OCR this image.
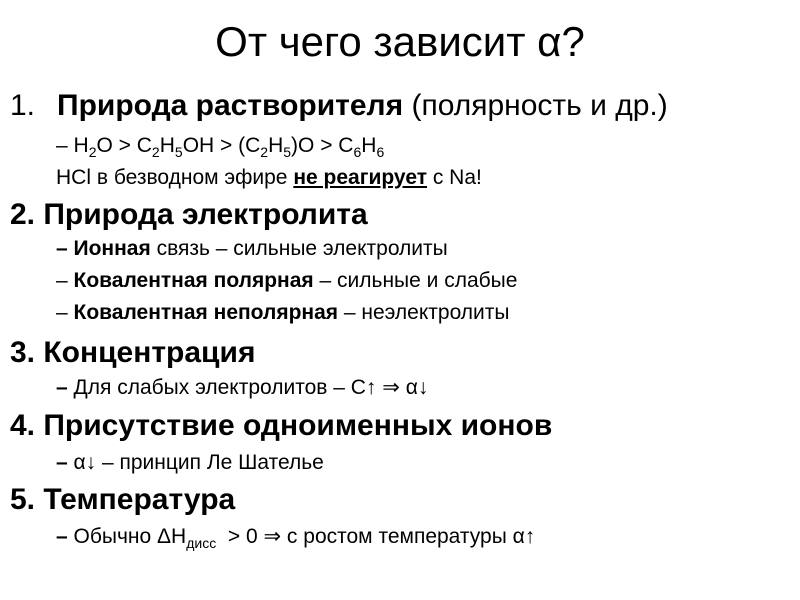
От чего зависит α?
1. Природа растворителя (полярность и др.)
– $H_2O > C_2H_5OH > (C_2H_5)O > C_6H_6$
HCl в безводном эфире не реагирует с Na!
2. Природа электролита
– Ионная связь – сильные электролиты
– Ковалентная полярная – сильные и слабые
– Ковалентная неполярная – неэлектролиты
3. Концентрация
– Для слабых электролитов – С↑ ⇒ α↓
4. Присутствие одноименных ионов
– α↓ – принцип Ле Шателье
5. Температура
– Обычно $\Delta H_{дисс} > 0$ ⇒ с ростом температуры α↑
